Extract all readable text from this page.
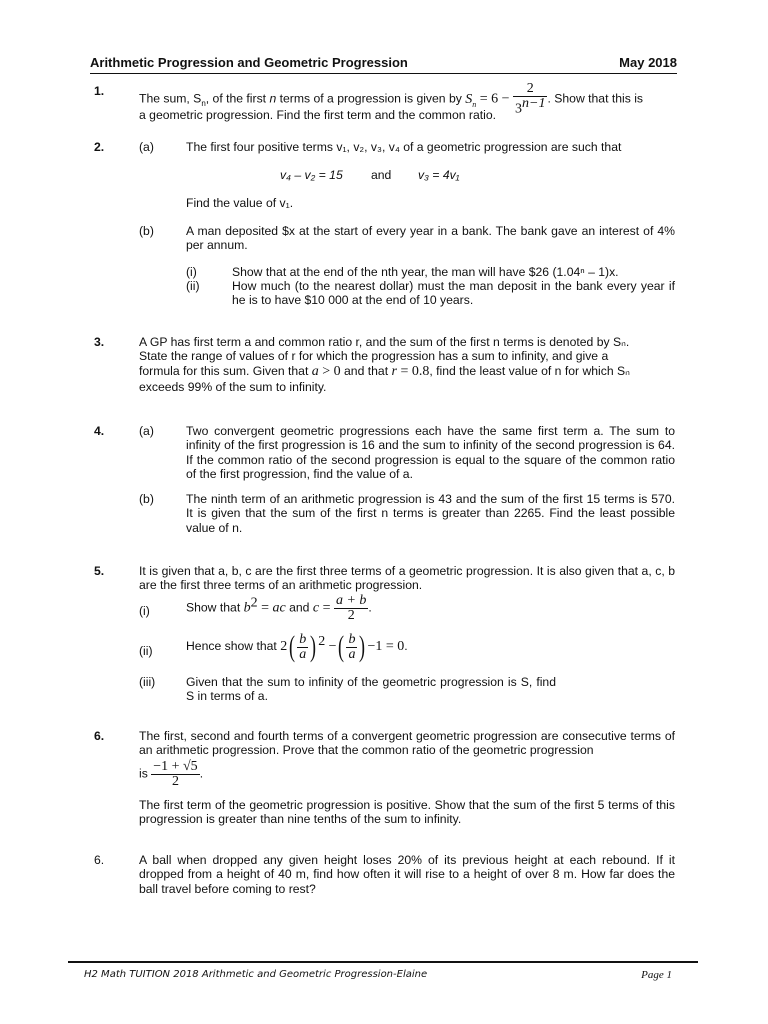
Arithmetic Progression and Geometric Progression	May 2018
1.
The sum, $S_n$, of the first n terms of a progression is given by $S_n = 6 - \frac{2}{3^{n-1}}$ . Show that this is
a geometric progression. Find the first term and the common ratio.
2.	(a)	The first four positive terms v₁, v₂, v₃, v₄ of a geometric progression are such that
v₄ – v₂ = 15 and v₃ = 4v₁
Find the value of v₁.
(b)	A man deposited $x at the start of every year in a bank. The bank gave an interest of 4% per annum.
(i)	Show that at the end of the nth year, the man will have $26 (1.04ⁿ – 1)x.
(ii)	How much (to the nearest dollar) must the man deposit in the bank every year if he is to have $10 000 at the end of 10 years.
3.	A GP has first term a and common ratio r, and the sum of the first n terms is denoted by Sₙ.
State the range of values of r for which the progression has a sum to infinity, and give a
formula for this sum. Given that a > 0 and that r = 0.8, find the least value of n for which Sₙ
exceeds 99% of the sum to infinity.
4.	(a)	Two convergent geometric progressions each have the same first term a. The sum to infinity of the first progression is 16 and the sum to infinity of the second progression is 64. If the common ratio of the second progression is equal to the square of the common ratio of the first progression, find the value of a.
(b)	The ninth term of an arithmetic progression is 43 and the sum of the first 15 terms is 570. It is given that the sum of the first n terms is greater than 2265. Find the least possible value of n.
5.	It is given that a, b, c are the first three terms of a geometric progression. It is also given that a, c, b are the first three terms of an arithmetic progression.
(i)	Show that $b^2$ = ac and $c = \frac{a + b}{2}$ .
(ii)	Hence show that $2( \frac{b}{a}$ ) $^2$ −( $\frac{b}{a}$ ) −1 = 0.
(iii)	Given that the sum to infinity of the geometric progression is S, find S in terms of a.
6.	The first, second and fourth terms of a convergent geometric progression are consecutive terms of an arithmetic progression. Prove that the common ratio of the geometric progression
is $\frac{-1 + √5}{2}$ .
The first term of the geometric progression is positive. Show that the sum of the first 5 terms of this progression is greater than nine tenths of the sum to infinity.
6.	A ball when dropped any given height loses 20% of its previous height at each rebound. If it dropped from a height of 40 m, find how often it will rise to a height of over 8 m. How far does the ball travel before coming to rest?
H2 Math TUITION 2018 Arithmetic and Geometric Progression-Elaine	Page 1
